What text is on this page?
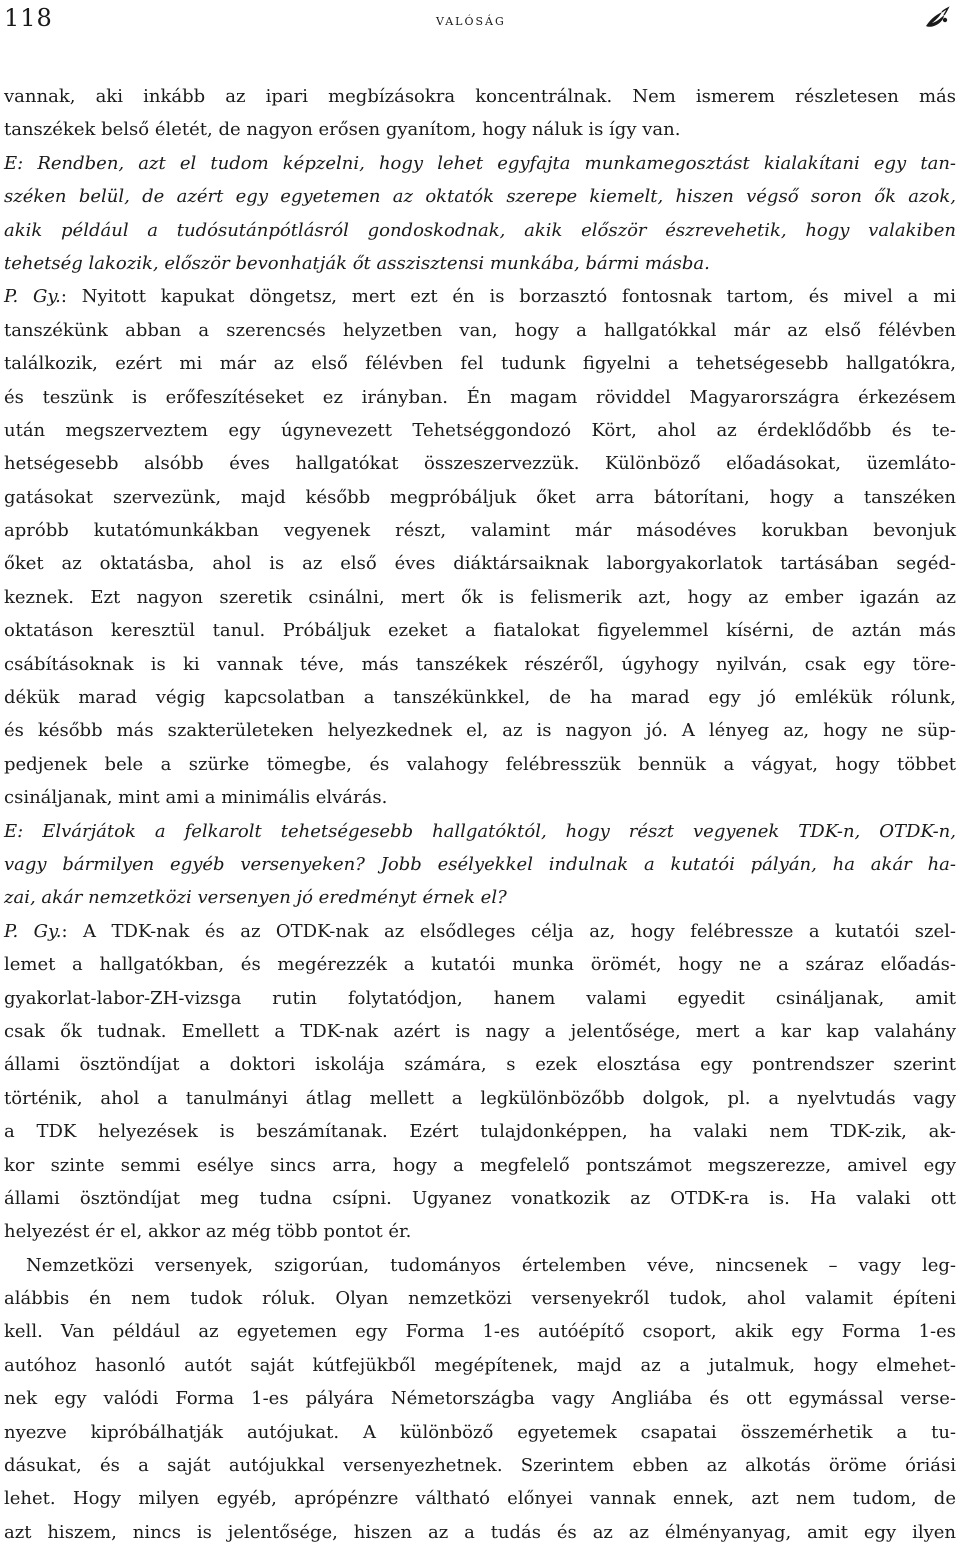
118	valóság
vannak, aki inkább az ipari megbízásokra koncentrálnak. Nem ismerem részletesen más
tanszékek belső életét, de nagyon erősen gyanítom, hogy náluk is így van.
E: Rendben, azt el tudom képzelni, hogy lehet egyfajta munkamegosztást kialakítani egy tan-
széken belül, de azért egy egyetemen az oktatók szerepe kiemelt, hiszen végső soron ők azok,
akik például a tudósutánpótlásról gondoskodnak, akik először észrevehetik, hogy valakiben
tehetség lakozik, először bevonhatják őt asszisztensi munkába, bármi másba.
P. Gy.: Nyitott kapukat döngetsz, mert ezt én is borzasztó fontosnak tartom, és mivel a mi
tanszékünk abban a szerencsés helyzetben van, hogy a hallgatókkal már az első félévben
találkozik, ezért mi már az első félévben fel tudunk figyelni a tehetségesebb hallgatókra,
és teszünk is erőfeszítéseket ez irányban. Én magam röviddel Magyarországra érkezésem
után megszerveztem egy úgynevezett Tehetséggondozó Kört, ahol az érdeklődőbb és te-
hetségesebb alsóbb éves hallgatókat összeszervezzük. Különböző előadásokat, üzemláto-
gatásokat szervezünk, majd később megpróbáljuk őket arra bátorítani, hogy a tanszéken
apróbb kutatómunkákban vegyenek részt, valamint már másodéves korukban bevonjuk
őket az oktatásba, ahol is az első éves diáktársaiknak laborgyakorlatok tartásában segéd-
keznek. Ezt nagyon szeretik csinálni, mert ők is felismerik azt, hogy az ember igazán az
oktatáson keresztül tanul. Próbáljuk ezeket a fiatalokat figyelemmel kísérni, de aztán más
csábításoknak is ki vannak téve, más tanszékek részéről, úgyhogy nyilván, csak egy töre-
dékük marad végig kapcsolatban a tanszékünkkel, de ha marad egy jó emlékük rólunk,
és később más szakterületeken helyezkednek el, az is nagyon jó. A lényeg az, hogy ne süp-
pedjenek bele a szürke tömegbe, és valahogy felébresszük bennük a vágyat, hogy többet
csináljanak, mint ami a minimális elvárás.
E: Elvárjátok a felkarolt tehetségesebb hallgatóktól, hogy részt vegyenek TDK-n, OTDK-n,
vagy bármilyen egyéb versenyeken? Jobb esélyekkel indulnak a kutatói pályán, ha akár ha-
zai, akár nemzetközi versenyen jó eredményt érnek el?
P. Gy.: A TDK-nak és az OTDK-nak az elsődleges célja az, hogy felébressze a kutatói szel-
lemet a hallgatókban, és megérezzék a kutatói munka örömét, hogy ne a száraz előadás-
gyakorlat-labor-ZH-vizsga rutin folytatódjon, hanem valami egyedit csináljanak, amit
csak ők tudnak. Emellett a TDK-nak azért is nagy a jelentősége, mert a kar kap valahány
állami ösztöndíjat a doktori iskolája számára, s ezek elosztása egy pontrendszer szerint
történik, ahol a tanulmányi átlag mellett a legkülönbözőbb dolgok, pl. a nyelvtudás vagy
a TDK helyezések is beszámítanak. Ezért tulajdonképpen, ha valaki nem TDK-zik, ak-
kor szinte semmi esélye sincs arra, hogy a megfelelő pontszámot megszerezze, amivel egy
állami ösztöndíjat meg tudna csípni. Ugyanez vonatkozik az OTDK-ra is. Ha valaki ott
helyezést ér el, akkor az még több pontot ér.
Nemzetközi versenyek, szigorúan, tudományos értelemben véve, nincsenek – vagy leg-
alábbis én nem tudok róluk. Olyan nemzetközi versenyekről tudok, ahol valamit építeni
kell. Van például az egyetemen egy Forma 1-es autóépítő csoport, akik egy Forma 1-es
autóhoz hasonló autót saját kútfejükből megépítenek, majd az a jutalmuk, hogy elmehet-
nek egy valódi Forma 1-es pályára Németországba vagy Angliába és ott egymással verse-
nyezve kipróbálhatják autójukat. A különböző egyetemek csapatai összemérhetik a tu-
dásukat, és a saját autójukkal versenyezhetnek. Szerintem ebben az alkotás öröme óriási
lehet. Hogy milyen egyéb, aprópénzre váltható előnyei vannak ennek, azt nem tudom, de
azt hiszem, nincs is jelentősége, hiszen az a tudás és az az élményanyag, amit egy ilyen
